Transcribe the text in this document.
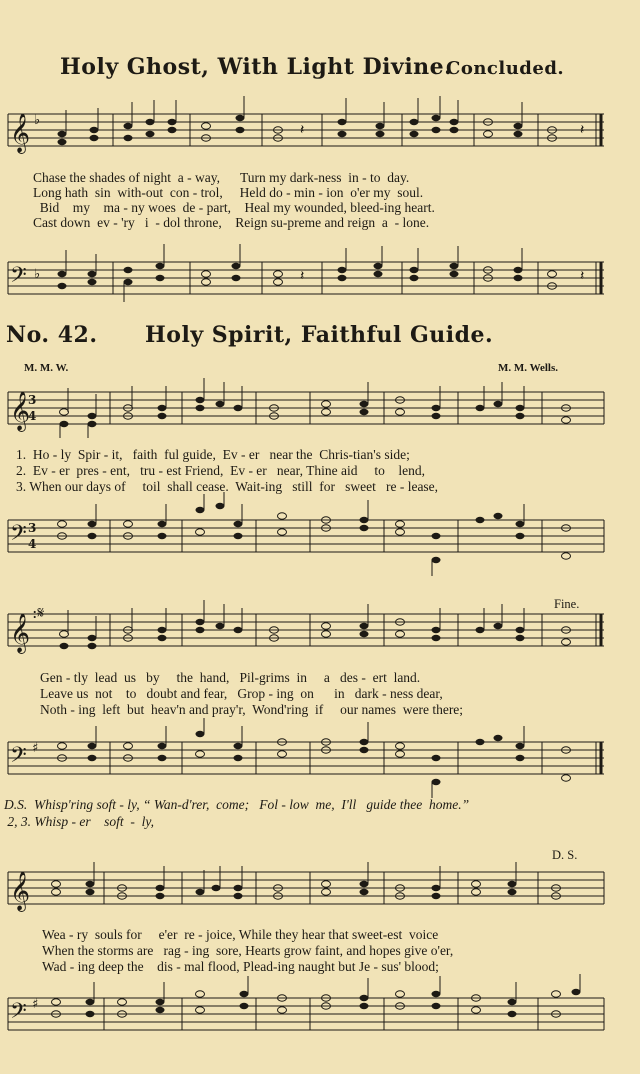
Holy Ghost, With Light Divine.
Concluded.
𝄞 ♭
𝄽	𝄽
Chase the shades of night  a - way,      Turn my dark-ness  in - to  day.
Long hath  sin  with-out  con - trol,     Held do - min - ion  o'er my  soul.
Bid    my    ma - ny woes  de - part,    Heal my wounded, bleed-ing heart.
Cast down  ev - 'ry   i  - dol throne,    Reign su-preme and reign  a  - lone.
𝄢 ♭	𝄽	𝄽
No. 42. Holy Spirit, Faithful Guide.
M. M. W.	M. M. Wells.
𝄞
3
4
1.  Ho - ly  Spir - it,   faith  ful guide,  Ev - er   near the  Chris-tian's side;
2.  Ev - er  pres - ent,   tru - est Friend,  Ev - er   near, Thine aid     to    lend,
3. When our days of     toil  shall cease.  Wait-ing   still  for   sweet   re - lease,
𝄢 3
4
𝄞
:𝄋	Fine.
Gen - tly  lead  us   by     the  hand,   Pil-grims  in     a   des -  ert  land.
Leave us  not    to   doubt and fear,   Grop - ing  on      in   dark - ness dear,
Noth - ing  left  but  heav'n and pray'r,  Wond'ring  if     our names  were there;
𝄢 ♯
D.S.  Whisp'ring soft - ly, “ Wan-d'rer,  come;   Fol - low  me,  I'll   guide thee  home.”
2, 3. Whisp - er    soft  -  ly,
D. S.
𝄞
Wea - ry  souls for     e'er  re - joice, While they hear that sweet-est  voice
When the storms are   rag - ing  sore, Hearts grow faint, and hopes give o'er,
Wad - ing deep the    dis - mal flood, Plead-ing naught but Je - sus' blood;
𝄢 ♯
